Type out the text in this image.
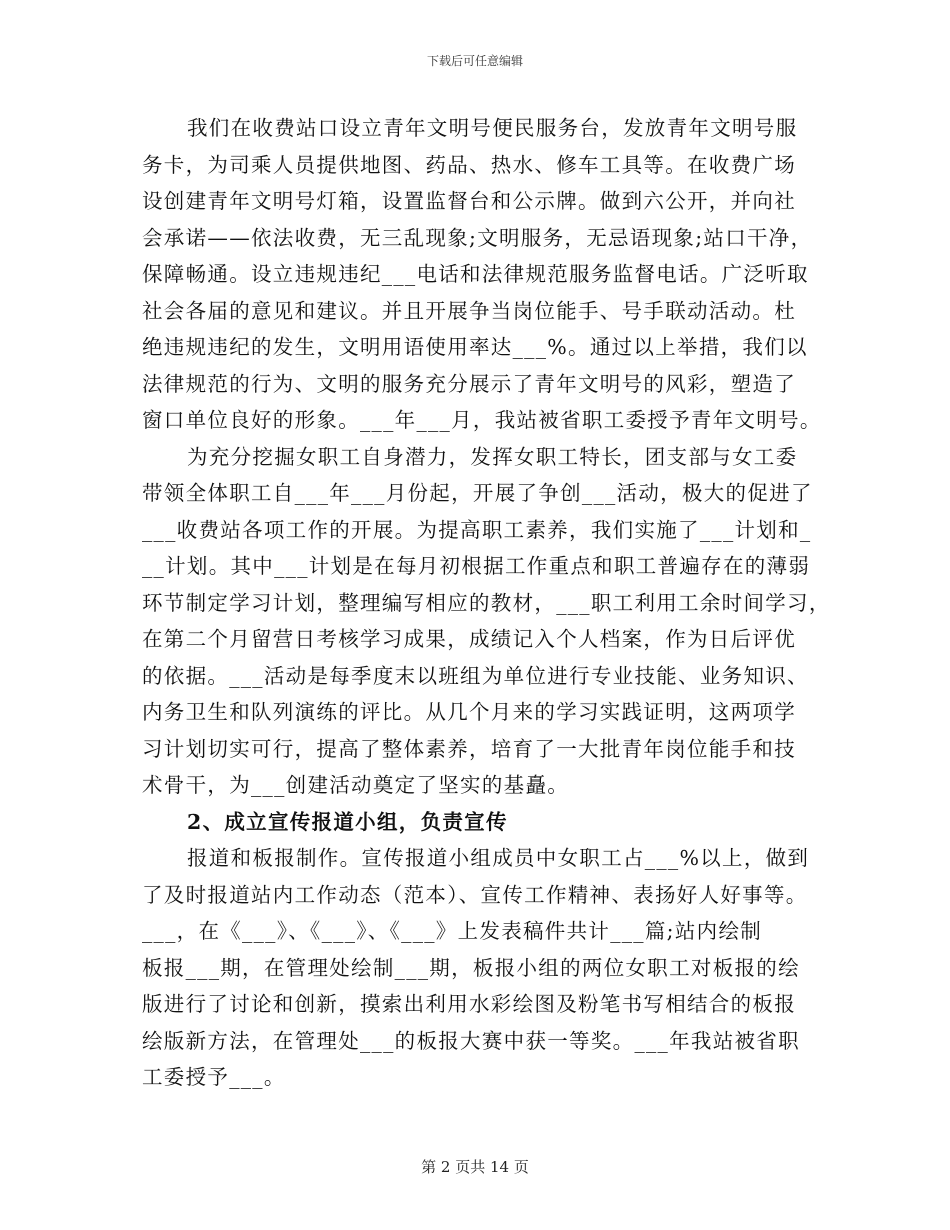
下载后可任意编辑
我们在收费站口设立青年文明号便民服务台，发放青年文明号服
务卡，为司乘人员提供地图、药品、热水、修车工具等。在收费广场
设创建青年文明号灯箱，设置监督台和公示牌。做到六公开，并向社
会承诺——依法收费，无三乱现象;文明服务，无忌语现象;站口干净，
保障畅通。设立违规违纪___电话和法律规范服务监督电话。广泛听取
社会各届的意见和建议。并且开展争当岗位能手、号手联动活动。杜
绝违规违纪的发生，文明用语使用率达___%。通过以上举措，我们以
法律规范的行为、文明的服务充分展示了青年文明号的风彩，塑造了
窗口单位良好的形象。___年___月，我站被省职工委授予青年文明号。
为充分挖掘女职工自身潜力，发挥女职工特长，团支部与女工委
带领全体职工自___年___月份起，开展了争创___活动，极大的促进了
___收费站各项工作的开展。为提高职工素养，我们实施了___计划和_
__计划。其中___计划是在每月初根据工作重点和职工普遍存在的薄弱
环节制定学习计划，整理编写相应的教材，___职工利用工余时间学习，
在第二个月留营日考核学习成果，成绩记入个人档案，作为日后评优
的依据。___活动是每季度末以班组为单位进行专业技能、业务知识、
内务卫生和队列演练的评比。从几个月来的学习实践证明，这两项学
习计划切实可行，提高了整体素养，培育了一大批青年岗位能手和技
术骨干，为___创建活动奠定了坚实的基矗。
2、成立宣传报道小组，负责宣传
报道和板报制作。宣传报道小组成员中女职工占___%以上，做到
了及时报道站内工作动态（范本）、宣传工作精神、表扬好人好事等。
___，在《___》、《___》、《___》上发表稿件共计___篇;站内绘制
板报___期，在管理处绘制___期，板报小组的两位女职工对板报的绘
版进行了讨论和创新，摸索出利用水彩绘图及粉笔书写相结合的板报
绘版新方法，在管理处___的板报大赛中获一等奖。___年我站被省职
工委授予___。
第 2 页共 14 页
